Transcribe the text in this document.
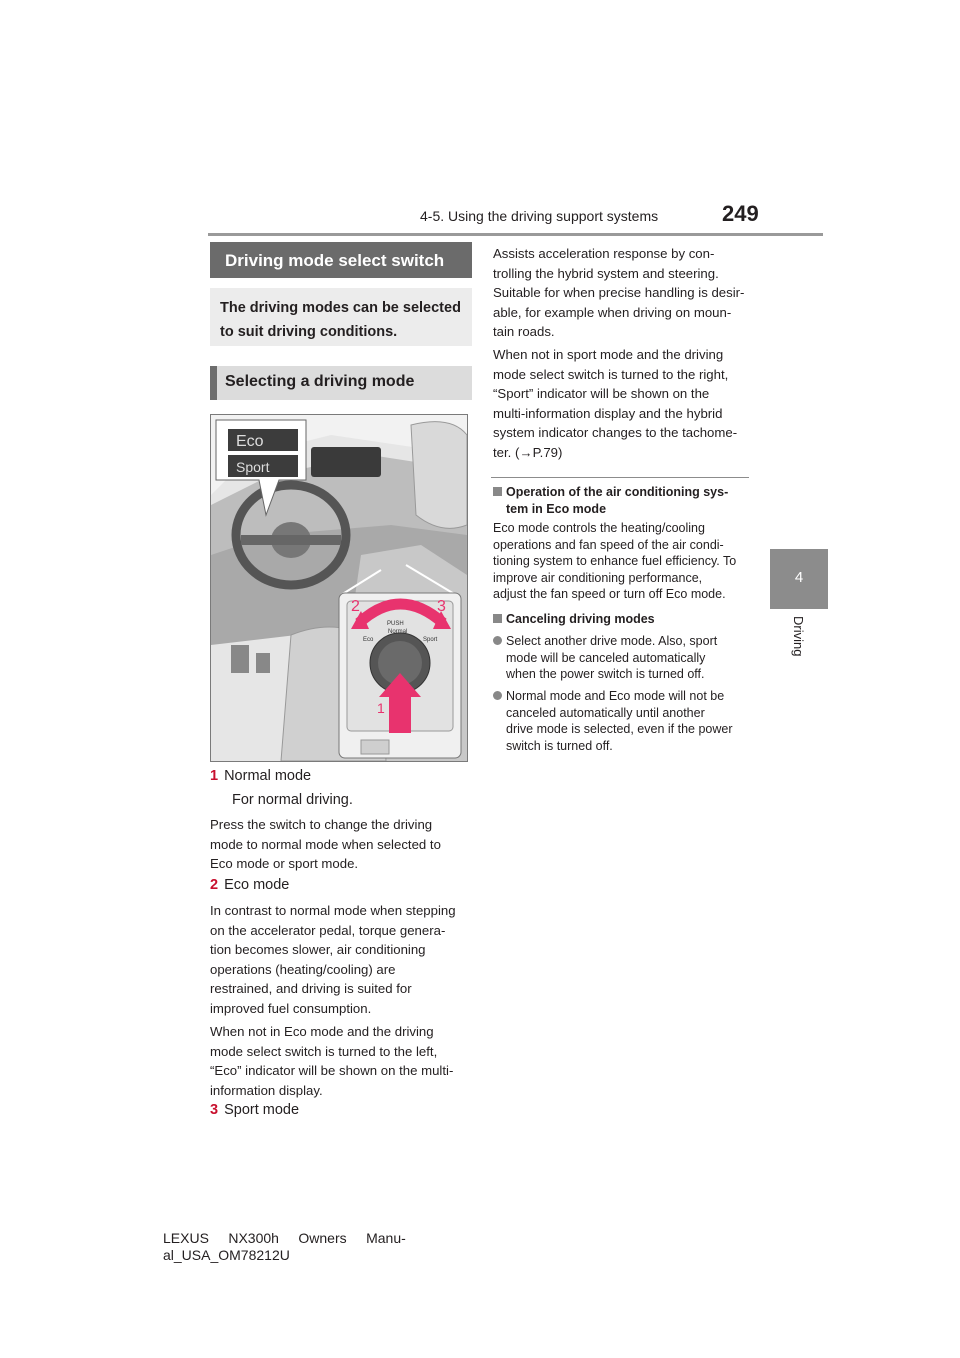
4-5. Using the driving support systems	249
4
Driving
Driving mode select switch
The driving modes can be selected to suit driving conditions.
Selecting a driving mode
Eco
Sport
PUSH
Normal
Eco	Sport
2	3
1
1 Normal mode
For normal driving.
Press the switch to change the driving
mode to normal mode when selected to
Eco mode or sport mode.
2 Eco mode
In contrast to normal mode when stepping
on the accelerator pedal, torque genera-
tion becomes slower, air conditioning
operations (heating/cooling) are
restrained, and driving is suited for
improved fuel consumption.
When not in Eco mode and the driving
mode select switch is turned to the left,
“Eco” indicator will be shown on the multi-
information display.
3 Sport mode
Assists acceleration response by con-
trolling the hybrid system and steering.
Suitable for when precise handling is desir-
able, for example when driving on moun-
tain roads.
When not in sport mode and the driving
mode select switch is turned to the right,
“Sport” indicator will be shown on the
multi-information display and the hybrid
system indicator changes to the tachome-
ter. (→P.79)
Operation of the air conditioning sys-
tem in Eco mode
Eco mode controls the heating/cooling
operations and fan speed of the air condi-
tioning system to enhance fuel efficiency. To
improve air conditioning performance,
adjust the fan speed or turn off Eco mode.
Canceling driving modes
Select another drive mode. Also, sport
mode will be canceled automatically
when the power switch is turned off.
Normal mode and Eco mode will not be
canceled automatically until another
drive mode is selected, even if the power
switch is turned off.
LEXUS     NX300h     Owners     Manu-
al_USA_OM78212U
